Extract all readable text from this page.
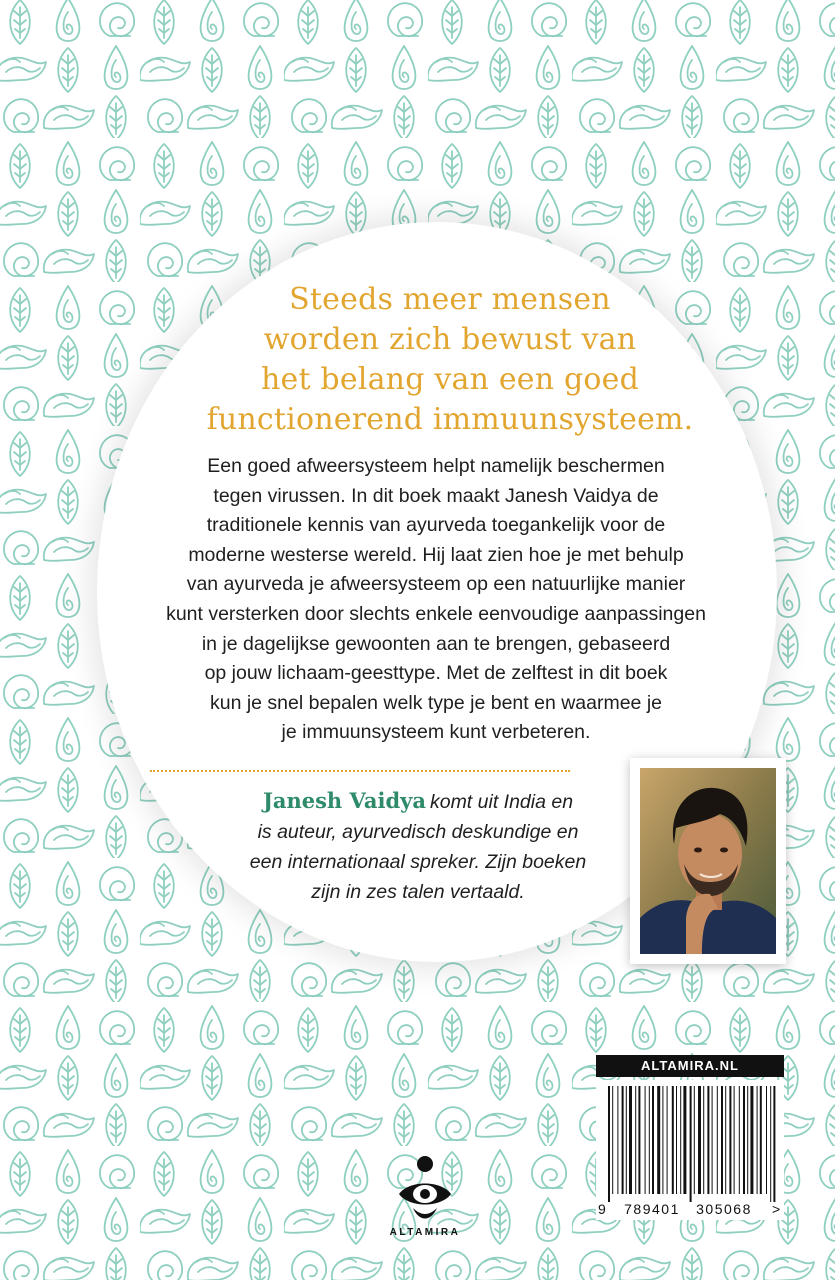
Steeds meer mensen
worden zich bewust van
het belang van een goed
functionerend immuunsysteem.

Een goed afweersysteem helpt namelijk beschermen
tegen virussen. In dit boek maakt Janesh Vaidya de
traditionele kennis van ayurveda toegankelijk voor de
moderne westerse wereld. Hij laat zien hoe je met behulp
van ayurveda je afweersysteem op een natuurlijke manier
kunt versterken door slechts enkele eenvoudige aanpassingen
in je dagelijkse gewoonten aan te brengen, gebaseerd
op jouw lichaam-geesttype. Met de zelftest in dit boek
kun je snel bepalen welk type je bent en waarmee je
je immuunsysteem kunt verbeteren.

Janesh Vaidya komt uit India en
is auteur, ayurvedisch deskundige en
een internationaal spreker. Zijn boeken
zijn in zes talen vertaald.

ALTAMIRA.NL
9 789401 305068 >
ALTAMIRA
